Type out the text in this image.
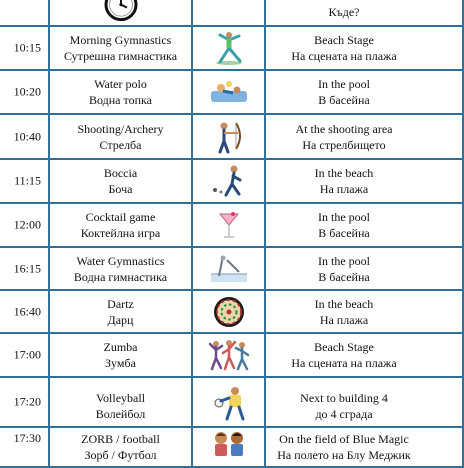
Къде?
10:15
Morning Gymnastics
Сутрешна гимнастика
Beach Stage
На сцената на плажа
10:20
Water polo
Водна топка
In the pool
В басейна
10:40
Shooting/Archery
Стрелба
At the shooting area
На стрелбището
11:15
Boccia
Боча
In the beach
На плажа
12:00
Cocktail game
Коктейлна игра
In the pool
В басейна
16:15
Water Gymnastics
Водна гимнастика
In the pool
В басейна
16:40
Dartz
Дарц
In the beach
На плажа
17:00
Zumba
Зумба
Beach Stage
На сцената на плажа
17:20	Volleyball
Волейбол
Next to building 4
до 4 сграда
17:30	ZORB / football
Зорб / Футбол
On the field of Blue Magic
На полето на Блу Меджик
